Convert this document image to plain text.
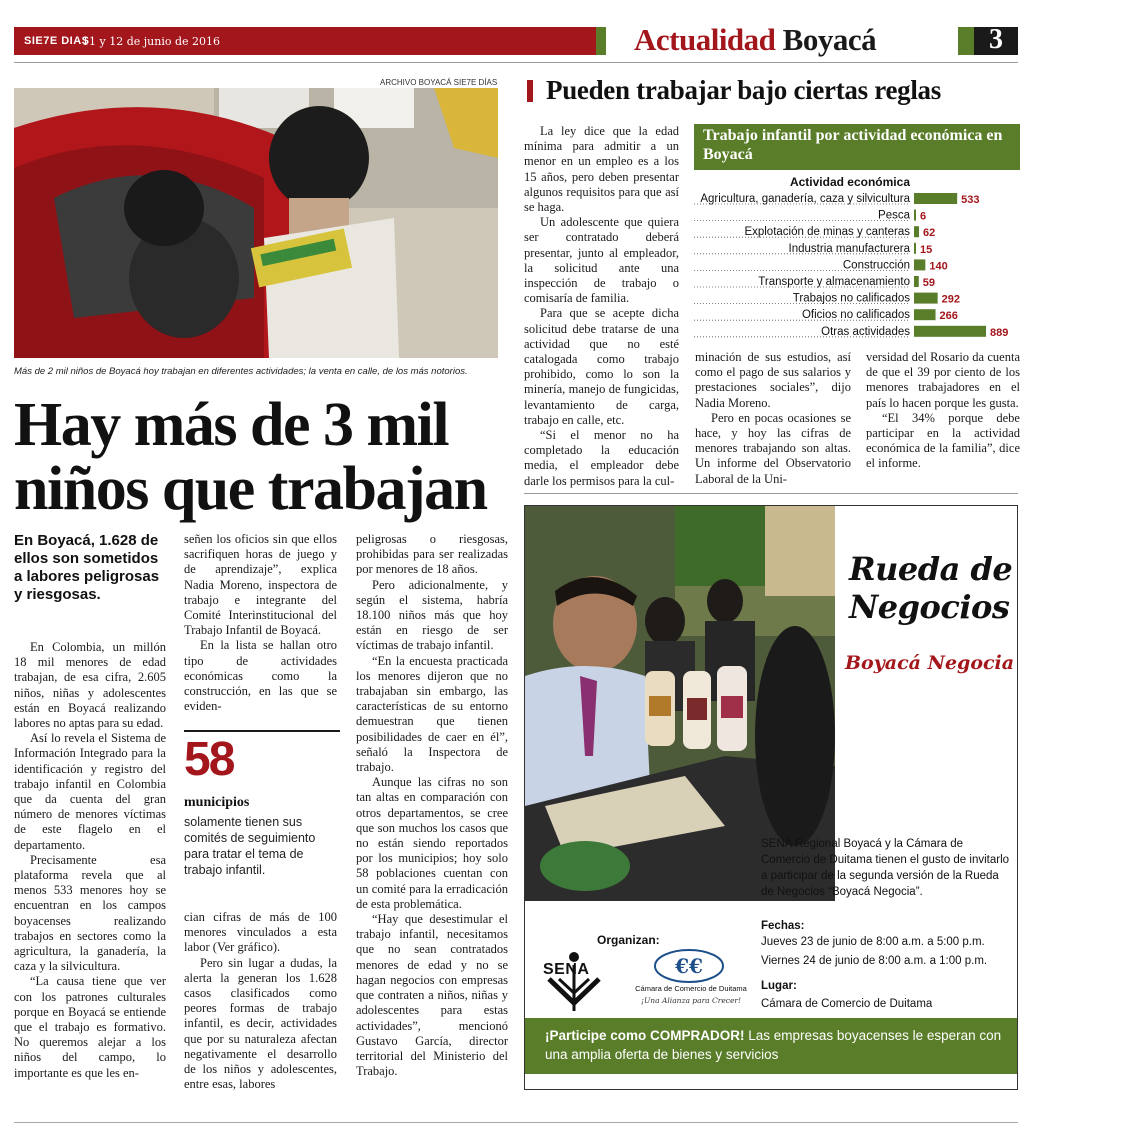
SIE7E DIAS
11 y 12 de junio de 2016	Actualidad Boyacá	3
ARCHIVO BOYACÁ SIE7E DÍAS
Más de 2 mil niños de Boyacá hoy trabajan en diferentes actividades; la venta en calle, de los más notorios.
Hay más de 3 mil
niños que trabajan
En Boyacá, 1.628 de ellos son sometidos a labores peligrosas y riesgosas.

En Colombia, un millón 18 mil menores de edad trabajan, de esa cifra, 2.605 niños, niñas y adolescentes están en Boyacá realizando labores no aptas para su edad.

Así lo revela el Sistema de Información Integrado para la identificación y registro del trabajo infantil en Colombia que da cuenta del gran número de menores víctimas de este flagelo en el departamento.

Precisamente esa plataforma revela que al menos 533 menores hoy se encuentran en los campos boyacenses realizando trabajos en sectores como la agricultura, la ganadería, la caza y la silvicultura.

“La causa tiene que ver con los patrones culturales porque en Boyacá se entiende que el trabajo es formativo. No queremos alejar a los niños del campo, lo importante es que les en-

señen los oficios sin que ellos sacrifiquen horas de juego y de aprendizaje”, explica Nadia Moreno, inspectora de trabajo e integrante del Comité Interinstitucional del Trabajo Infantil de Boyacá.

En la lista se hallan otro tipo de actividades económicas como la construcción, en las que se eviden-

58
municipios
solamente tienen sus comités de seguimiento para tratar el tema de trabajo infantil.

cian cifras de más de 100 menores vinculados a esta labor (Ver gráfico).

Pero sin lugar a dudas, la alerta la generan los 1.628 casos clasificados como peores formas de trabajo infantil, es decir, actividades que por su naturaleza afectan negativamente el desarrollo de los niños y adolescentes, entre esas, labores

peligrosas o riesgosas, prohibidas para ser realizadas por menores de 18 años.

Pero adicionalmente, y según el sistema, habría 18.100 niños más que hoy están en riesgo de ser víctimas de trabajo infantil.

“En la encuesta practicada los menores dijeron que no trabajaban sin embargo, las características de su entorno demuestran que tienen posibilidades de caer en él”, señaló la Inspectora de trabajo.

Aunque las cifras no son tan altas en comparación con otros departamentos, se cree que son muchos los casos que no están siendo reportados por los municipios; hoy solo 58 poblaciones cuentan con un comité para la erradicación de esta problemática.

“Hay que desestimular el trabajo infantil, necesitamos que no sean contratados menores de edad y no se hagan negocios con empresas que contraten a niños, niñas y adolescentes para estas actividades”, mencionó Gustavo García, director territorial del Ministerio del Trabajo.

Pueden trabajar bajo ciertas reglas

La ley dice que la edad mínima para admitir a un menor en un empleo es a los 15 años, pero deben presentar algunos requisitos para que así se haga.

Un adolescente que quiera ser contratado deberá presentar, junto al empleador, la solicitud ante una inspección de trabajo o comisaría de familia.

Para que se acepte dicha solicitud debe tratarse de una actividad que no esté catalogada como trabajo prohibido, como lo son la minería, manejo de fungicidas, levantamiento de carga, trabajo en calle, etc.

“Si el menor no ha completado la educación media, el empleador debe darle los permisos para la cul-

minación de sus estudios, así como el pago de sus salarios y prestaciones sociales”, dijo Nadia Moreno.

Pero en pocas ocasiones se hace, y hoy las cifras de menores trabajando son altas. Un informe del Observatorio Laboral de la Uni-

versidad del Rosario da cuenta de que el 39 por ciento de los menores trabajadores en el país lo hacen porque les gusta.

“El 34% porque debe participar en la actividad económica de la familia”, dice el informe.

Trabajo infantil por actividad económica en Boyacá
Actividad económica
Agricultura, ganadería, caza y silvicultura	533
Pesca 6
Explotación de minas y canteras 62
Industria manufacturera 15
Construcción 140
Transporte y almacenamiento 59
Trabajos no calificados	292
Oficios no calificados	266
Otras actividades	889
Rueda de
Negocios
Boyacá Negocia
SENA Regional Boyacá y la Cámara de Comercio de Duitama tienen el gusto de invitarlo a participar de la segunda versión de la Rueda de Negocios “Boyacá Negocia”.
Fechas:
Jueves 23 de junio de 8:00 a.m. a 5:00 p.m.
Viernes 24 de junio de 8:00 a.m. a 1:00 p.m.
Lugar:
Cámara de Comercio de Duitama
Organizan:
SENA	€€
Cámara de Comercio de Duitama
¡Una Alianza para Crecer!
¡Participe como COMPRADOR! Las empresas boyacenses le esperan con una amplia oferta de bienes y servicios
